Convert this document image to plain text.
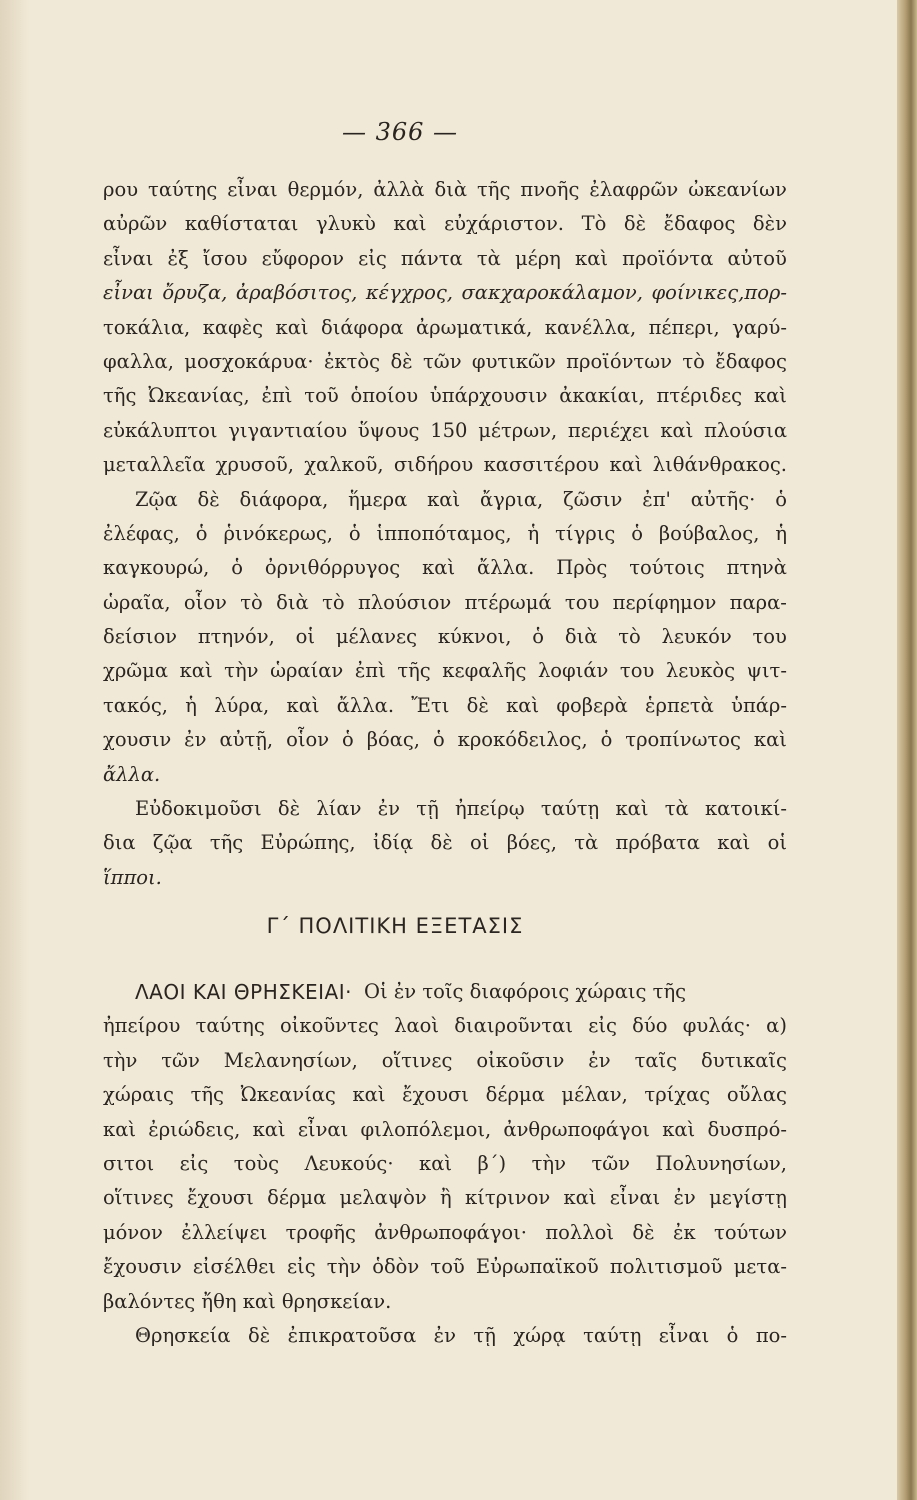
— 366 —
ρου ταύτης εἶναι θερμόν, ἀλλὰ διὰ τῆς πνοῆς ἐλαφρῶν ὠκεανίων
αὐρῶν καθίσταται γλυκὺ καὶ εὐχάριστον. Τὸ δὲ ἔδαφος δὲν
εἶναι ἐξ ἴσου εὔφορον εἰς πάντα τὰ μέρη καὶ προϊόντα αὐτοῦ
εἶναι ὄρυζα, ἀραβόσιτος, κέγχρος, σακχαροκάλαμον, φοίνικες,πορ-
τοκάλια, καφὲς καὶ διάφορα ἀρωματικά, κανέλλα, πέπερι, γαρύ-
φαλλα, μοσχοκάρυα· ἐκτὸς δὲ τῶν φυτικῶν προϊόντων τὸ ἔδαφος
τῆς Ὠκεανίας, ἐπὶ τοῦ ὁποίου ὑπάρχουσιν ἀκακίαι, πτέριδες καὶ
εὐκάλυπτοι γιγαντιαίου ὕψους 150 μέτρων, περιέχει καὶ πλούσια
μεταλλεῖα χρυσοῦ, χαλκοῦ, σιδήρου κασσιτέρου καὶ λιθάνθρακος.
Ζῷα δὲ διάφορα, ἥμερα καὶ ἄγρια, ζῶσιν ἐπ' αὐτῆς· ὁ
ἐλέφας, ὁ ῥινόκερως, ὁ ἱπποπόταμος, ἡ τίγρις ὁ βούβαλος, ἡ
καγκουρώ, ὁ ὀρνιθόρρυγος καὶ ἄλλα. Πρὸς τούτοις πτηνὰ
ὡραῖα, οἷον τὸ διὰ τὸ πλούσιον πτέρωμά του περίφημον παρα-
δείσιον πτηνόν, οἱ μέλανες κύκνοι, ὁ διὰ τὸ λευκόν του
χρῶμα καὶ τὴν ὡραίαν ἐπὶ τῆς κεφαλῆς λοφιάν του λευκὸς ψιτ-
τακός, ἡ λύρα, καὶ ἄλλα. Ἔτι δὲ καὶ φοβερὰ ἑρπετὰ ὑπάρ-
χουσιν ἐν αὐτῇ, οἷον ὁ βόας, ὁ κροκόδειλος, ὁ τροπίνωτος καὶ
ἄλλα.
Εὐδοκιμοῦσι δὲ λίαν ἐν τῇ ἠπείρῳ ταύτῃ καὶ τὰ κατοικί-
δια ζῷα τῆς Εὐρώπης, ἰδίᾳ δὲ οἱ βόες, τὰ πρόβατα καὶ οἱ
ἵπποι.
Γ΄ ΠΟΛΙΤΙΚΗ ΕΞΕΤΑΣΙΣ
ΛΑΟΙ ΚΑΙ ΘΡΗΣΚΕΙΑΙ· Οἱ ἐν τοῖς διαφόροις χώραις τῆς
ἠπείρου ταύτης οἰκοῦντες λαοὶ διαιροῦνται εἰς δύο φυλάς· α)
τὴν τῶν Μελανησίων, οἵτινες οἰκοῦσιν ἐν ταῖς δυτικαῖς
χώραις τῆς Ὠκεανίας καὶ ἔχουσι δέρμα μέλαν, τρίχας οὔλας
καὶ ἐριώδεις, καὶ εἶναι φιλοπόλεμοι, ἀνθρωποφάγοι καὶ δυσπρό-
σιτοι εἰς τοὺς Λευκούς· καὶ β΄) τὴν τῶν Πολυνησίων,
οἵτινες ἔχουσι δέρμα μελαψὸν ἢ κίτρινον καὶ εἶναι ἐν μεγίστῃ
μόνον ἐλλείψει τροφῆς ἀνθρωποφάγοι· πολλοὶ δὲ ἐκ τούτων
ἔχουσιν εἰσέλθει εἰς τὴν ὁδὸν τοῦ Εὐρωπαϊκοῦ πολιτισμοῦ μετα-
βαλόντες ἤθη καὶ θρησκείαν.
Θρησκεία δὲ ἐπικρατοῦσα ἐν τῇ χώρᾳ ταύτῃ εἶναι ὁ πο-
